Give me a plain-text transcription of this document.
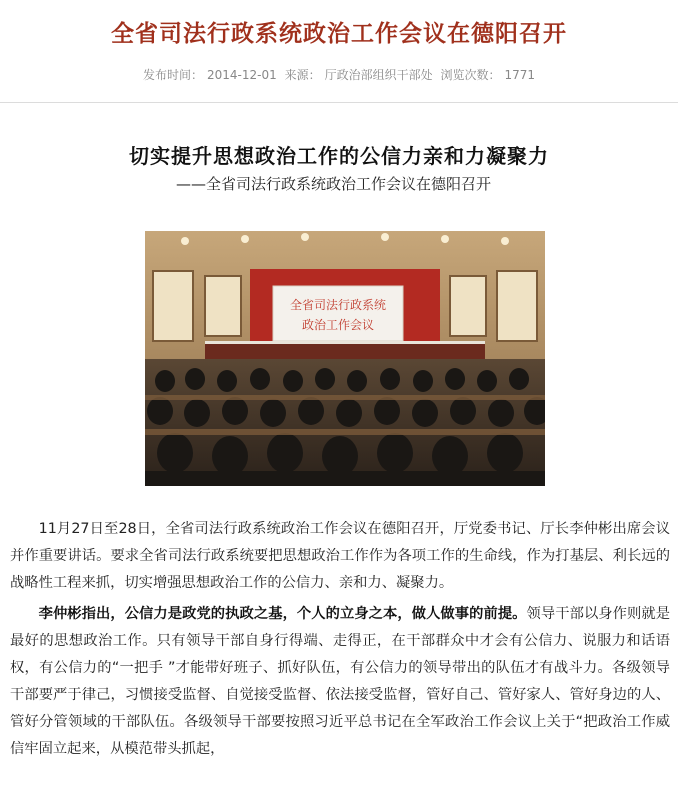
全省司法行政系统政治工作会议在德阳召开
发布时间： 2014-12-01 来源： 厅政治部组织干部处 浏览次数： 1771
切实提升思想政治工作的公信力亲和力凝聚力
——全省司法行政系统政治工作会议在德阳召开
全省司法行政系统
政治工作会议

11月27日至28日，全省司法行政系统政治工作会议在德阳召开，厅党委书记、厅长李仲彬出席会议并作重要讲话。要求全省司法行政系统要把思想政治工作作为各项工作的生命线，作为打基层、利长远的战略性工程来抓，切实增强思想政治工作的公信力、亲和力、凝聚力。

李仲彬指出，公信力是政党的执政之基，个人的立身之本，做人做事的前提。领导干部以身作则就是最好的思想政治工作。只有领导干部自身行得端、走得正，在干部群众中才会有公信力、说服力和话语权，有公信力的“一把手 ”才能带好班子、抓好队伍，有公信力的领导带出的队伍才有战斗力。各级领导干部要严于律己，习惯接受监督、自觉接受监督、依法接受监督，管好自己、管好家人、管好身边的人、管好分管领域的干部队伍。各级领导干部要按照习近平总书记在全军政治工作会议上关于“把政治工作威信牢固立起来，从模范带头抓起，
